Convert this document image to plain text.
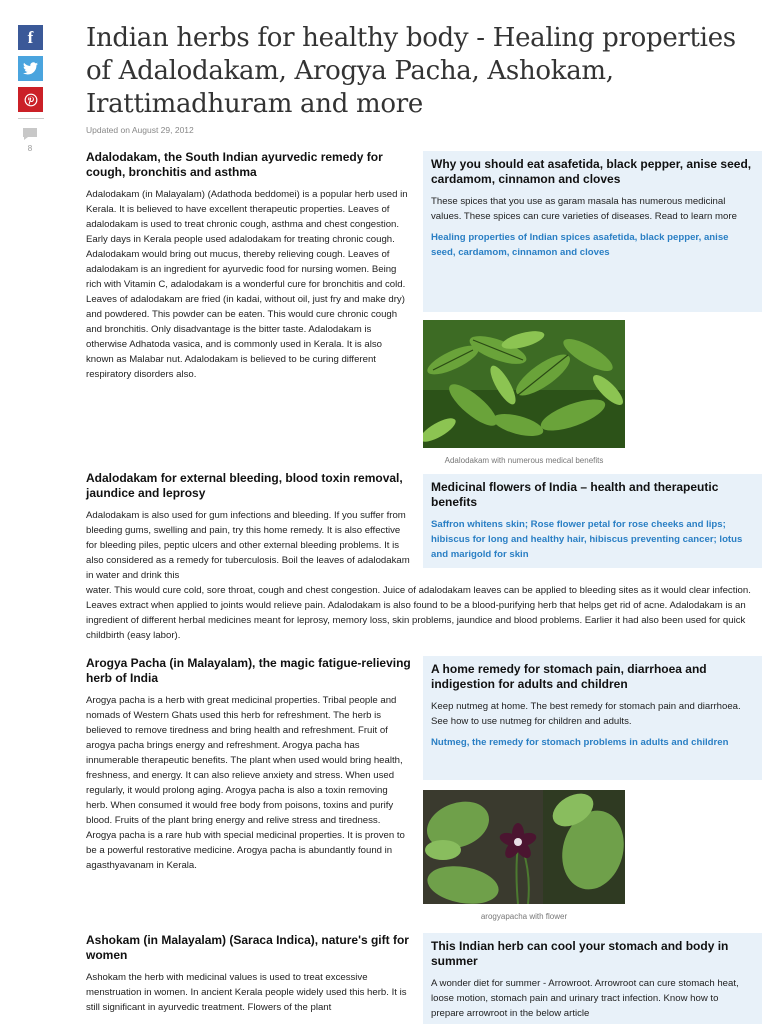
f
8
Indian herbs for healthy body - Healing properties of Adalodakam, Arogya Pacha, Ashokam, Irattimadhuram and more
Updated on August 29, 2012
Adalodakam, the South Indian ayurvedic remedy for cough, bronchitis and asthma

Adalodakam (in Malayalam) (Adathoda beddomei) is a popular herb used in Kerala. It is believed to have excellent therapeutic properties. Leaves of adalodakam is used to treat chronic cough, asthma and chest congestion. Early days in Kerala people used adalodakam for treating chronic cough. Adalodakam would bring out mucus, thereby relieving cough. Leaves of adalodakam is an ingredient for ayurvedic food for nursing women. Being rich with Vitamin C, adalodakam is a wonderful cure for bronchitis and cold. Leaves of adalodakam are fried (in kadai, without oil, just fry and make dry) and powdered. This powder can be eaten. This would cure chronic cough and bronchitis. Only disadvantage is the bitter taste. Adalodakam is otherwise Adhatoda vasica, and is commonly used in Kerala. It is also known as Malabar nut. Adalodakam is believed to be curing different respiratory disorders also.

Why you should eat asafetida, black pepper, anise seed, cardamom, cinnamon and cloves

These spices that you use as garam masala has numerous medicinal values. These spices can cure varieties of diseases. Read to learn more

Healing properties of Indian spices asafetida, black pepper, anise seed, cardamom, cinnamon and cloves
Adalodakam with numerous medical benefits
Adalodakam for external bleeding, blood toxin removal, jaundice and leprosy

Adalodakam is also used for gum infections and bleeding. If you suffer from bleeding gums, swelling and pain, try this home remedy. It is also effective for bleeding piles, peptic ulcers and other external bleeding problems. It is also considered as a remedy for tuberculosis. Boil the leaves of adalodakam in water and drink this

water. This would cure cold, sore throat, cough and chest congestion. Juice of adalodakam leaves can be applied to bleeding sites as it would clear infection. Leaves extract when applied to joints would relieve pain. Adalodakam is also found to be a blood-purifying herb that helps get rid of acne. Adalodakam is an ingredient of different herbal medicines meant for leprosy, memory loss, skin problems, jaundice and blood problems. Earlier it had also been used for quick childbirth (easy labor).
Medicinal flowers of India – health and therapeutic benefits
Saffron whitens skin; Rose flower petal for rose cheeks and lips; hibiscus for long and healthy hair, hibiscus preventing cancer; lotus and marigold for skin
Arogya Pacha (in Malayalam), the magic fatigue-relieving herb of India

Arogya pacha is a herb with great medicinal properties. Tribal people and nomads of Western Ghats used this herb for refreshment. The herb is believed to remove tiredness and bring health and refreshment. Fruit of arogya pacha brings energy and refreshment. Arogya pacha has innumerable therapeutic benefits. The plant when used would bring health, freshness, and energy. It can also relieve anxiety and stress. When used regularly, it would prolong aging. Arogya pacha is also a toxin removing herb. When consumed it would free body from poisons, toxins and purify blood. Fruits of the plant bring energy and relive stress and tiredness. Arogya pacha is a rare hub with special medicinal properties. It is proven to be a powerful restorative medicine. Arogya pacha is abundantly found in agasthyavanam in Kerala.

A home remedy for stomach pain, diarrhoea and indigestion for adults and children

Keep nutmeg at home. The best remedy for stomach pain and diarrhoea. See how to use nutmeg for children and adults.

Nutmeg, the remedy for stomach problems in adults and children
arogyapacha with flower
Ashokam (in Malayalam) (Saraca Indica), nature's gift for women

Ashokam the herb with medicinal values is used to treat excessive menstruation in women. In ancient Kerala people widely used this herb. It is still significant in ayurvedic treatment. Flowers of the plant

This Indian herb can cool your stomach and body in summer

A wonder diet for summer - Arrowroot. Arrowroot can cure stomach heat, loose motion, stomach pain and urinary tract infection. Know how to prepare arrowroot in the below article
